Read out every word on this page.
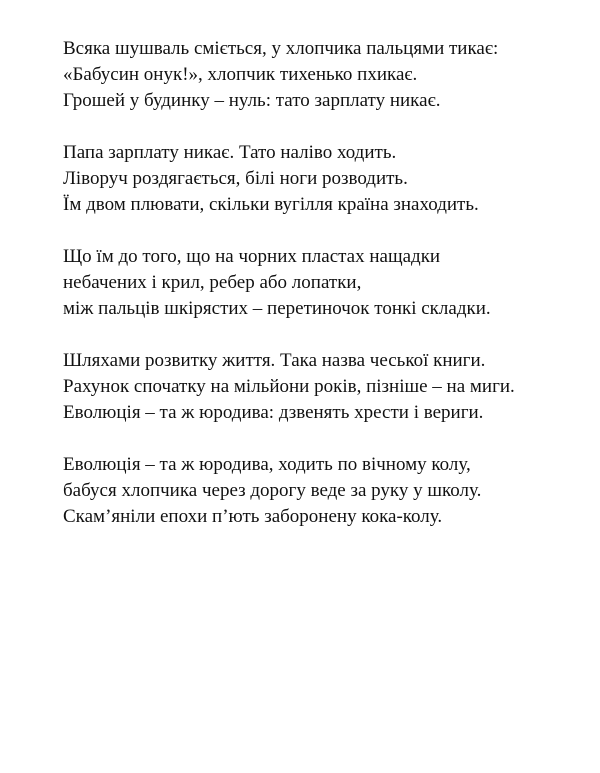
Всяка шушваль сміється, у хлопчика пальцями тикає:
«Бабусин онук!», хлопчик тихенько пхикає.
Грошей у будинку – нуль: тато зарплату никає.
Папа зарплату никає. Тато наліво ходить.
Ліворуч роздягається, білі ноги розводить.
Їм двом плювати, скільки вугілля країна знаходить.
Що їм до того, що на чорних пластах нащадки
небачених і крил, ребер або лопатки,
між пальців шкірястих – перетиночок тонкі складки.
Шляхами розвитку життя. Така назва чеської книги.
Рахунок спочатку на мільйони років, пізніше – на миги.
Еволюція – та ж юродива: дзвенять хрести і вериги.
Еволюція – та ж юродива, ходить по вічному колу,
бабуся хлопчика через дорогу веде за руку у школу.
Скам’яніли епохи п’ють заборонену кока-колу.
